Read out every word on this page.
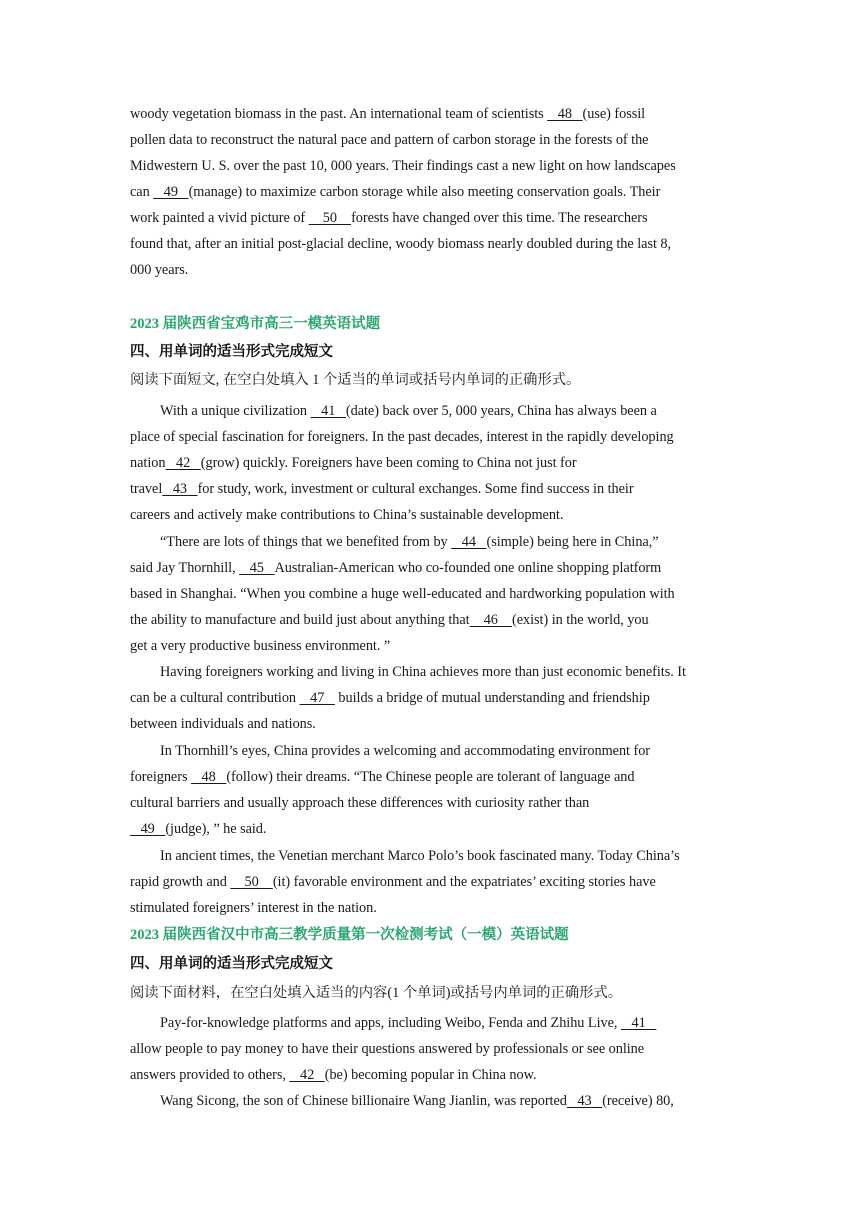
woody vegetation biomass in the past. An international team of scientists    48   (use) fossil
pollen data to reconstruct the natural pace and pattern of carbon storage in the forests of the
Midwestern U. S. over the past 10, 000 years. Their findings cast a new light on how landscapes
can    49   (manage) to maximize carbon storage while also meeting conservation goals. Their
work painted a vivid picture of     50    forests have changed over this time. The researchers
found that, after an initial post-glacial decline, woody biomass nearly doubled during the last 8,
000 years.
2023 届陕西省宝鸡市高三一模英语试题
四、用单词的适当形式完成短文
阅读下面短文, 在空白处填入 1 个适当的单词或括号内单词的正确形式。
With a unique civilization    41   (date) back over 5, 000 years, China has always been a
place of special fascination for foreigners. In the past decades, interest in the rapidly developing
nation   42   (grow) quickly. Foreigners have been coming to China not just for
travel   43   for study, work, investment or cultural exchanges. Some find success in their
careers and actively make contributions to China’s sustainable development.
“There are lots of things that we benefited from by    44   (simple) being here in China,”
said Jay Thornhill,    45   Australian-American who co-founded one online shopping platform
based in Shanghai. “When you combine a huge well-educated and hardworking population with
the ability to manufacture and build just about anything that    46    (exist) in the world, you
get a very productive business environment. ”
Having foreigners working and living in China achieves more than just economic benefits. It
can be a cultural contribution    47    builds a bridge of mutual understanding and friendship
between individuals and nations.
In Thornhill’s eyes, China provides a welcoming and accommodating environment for
foreigners    48   (follow) their dreams. “The Chinese people are tolerant of language and
cultural barriers and usually approach these differences with curiosity rather than
49   (judge), ” he said.
In ancient times, the Venetian merchant Marco Polo’s book fascinated many. Today China’s
rapid growth and     50    (it) favorable environment and the expatriates’ exciting stories have
stimulated foreigners’ interest in the nation.
2023 届陕西省汉中市高三教学质量第一次检测考试（一模）英语试题
四、用单词的适当形式完成短文
阅读下面材料，在空白处填入适当的内容(1 个单词)或括号内单词的正确形式。
Pay-for-knowledge platforms and apps, including Weibo, Fenda and Zhihu Live,    41
allow people to pay money to have their questions answered by professionals or see online
answers provided to others,    42   (be) becoming popular in China now.
Wang Sicong, the son of Chinese billionaire Wang Jianlin, was reported   43   (receive) 80,
